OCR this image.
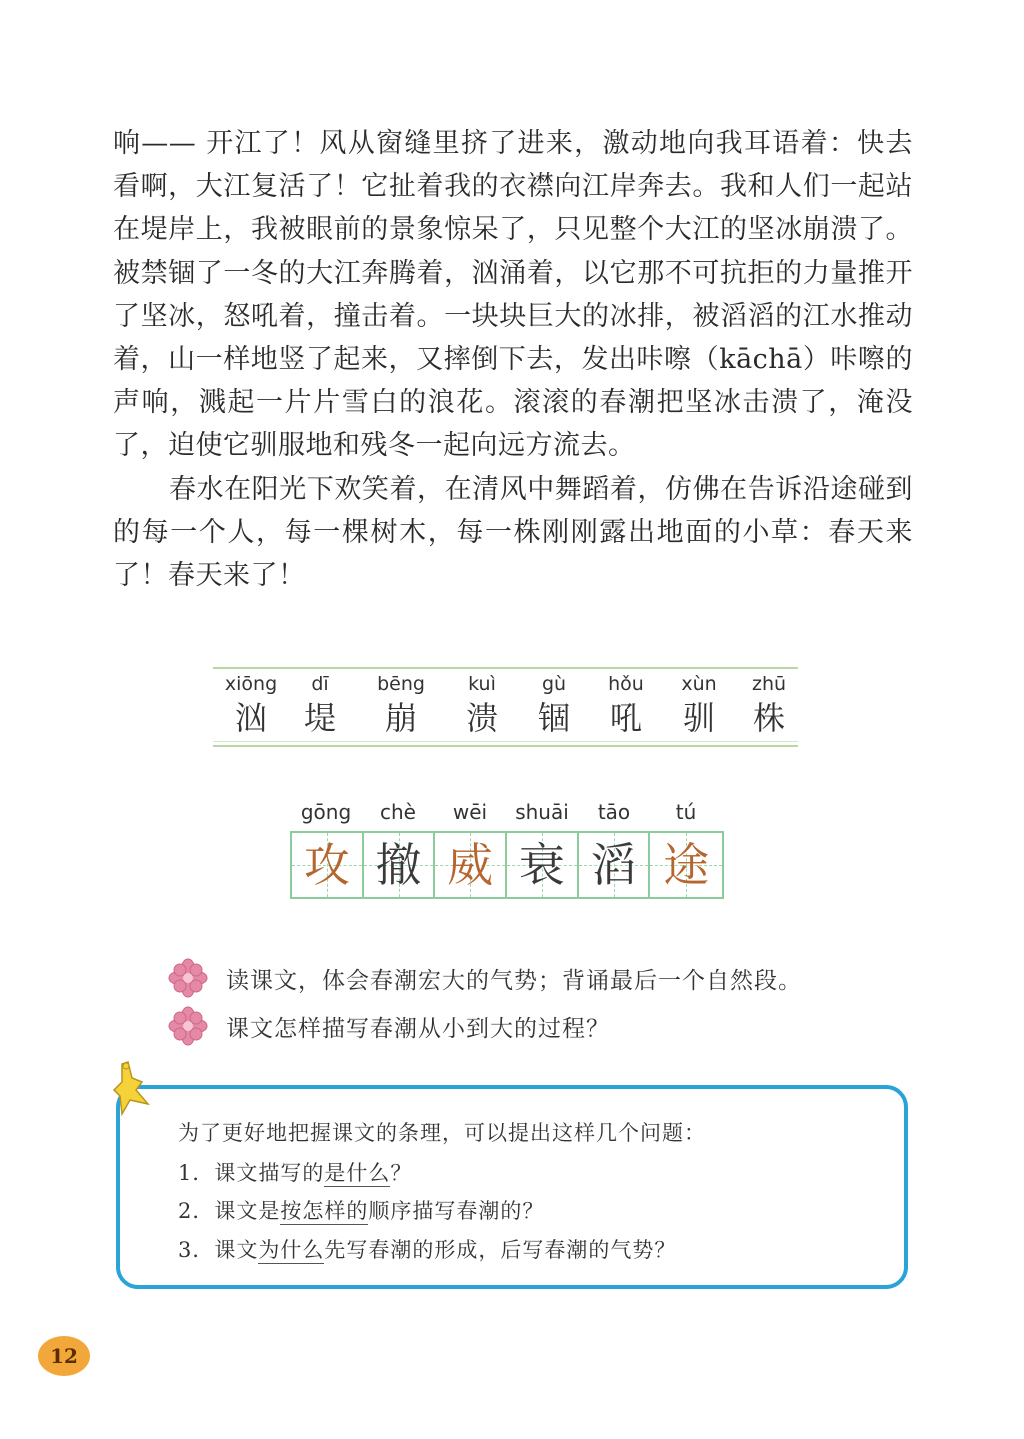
响—— 开江了！风从窗缝里挤了进来，激动地向我耳语着：快去看啊，大江复活了！它扯着我的衣襟向江岸奔去。我和人们一起站在堤岸上，我被眼前的景象惊呆了，只见整个大江的坚冰崩溃了。被禁锢了一冬的大江奔腾着，汹涌着，以它那不可抗拒的力量推开了坚冰，怒吼着，撞击着。一块块巨大的冰排，被滔滔的江水推动着，山一样地竖了起来，又摔倒下去，发出咔嚓（kāchā）咔嚓的声响，溅起一片片雪白的浪花。滚滚的春潮把坚冰击溃了，淹没了，迫使它驯服地和残冬一起向远方流去。

春水在阳光下欢笑着，在清风中舞蹈着，仿佛在告诉沿途碰到的每一个人，每一棵树木，每一株刚刚露出地面的小草：春天来了！春天来了！

xiōng
汹
dī
堤
bēng
崩
kuì
溃
gù
锢
hǒu
吼
xùn
驯
zhū
株
gōng chè wēi shuāi tāo tú
攻 撤 威 衰 滔 途
读课文，体会春潮宏大的气势；背诵最后一个自然段。
课文怎样描写春潮从小到大的过程？
为了更好地把握课文的条理，可以提出这样几个问题：
1．课文描写的是什么？
2．课文是按怎样的顺序描写春潮的？
3．课文为什么先写春潮的形成，后写春潮的气势？
12
